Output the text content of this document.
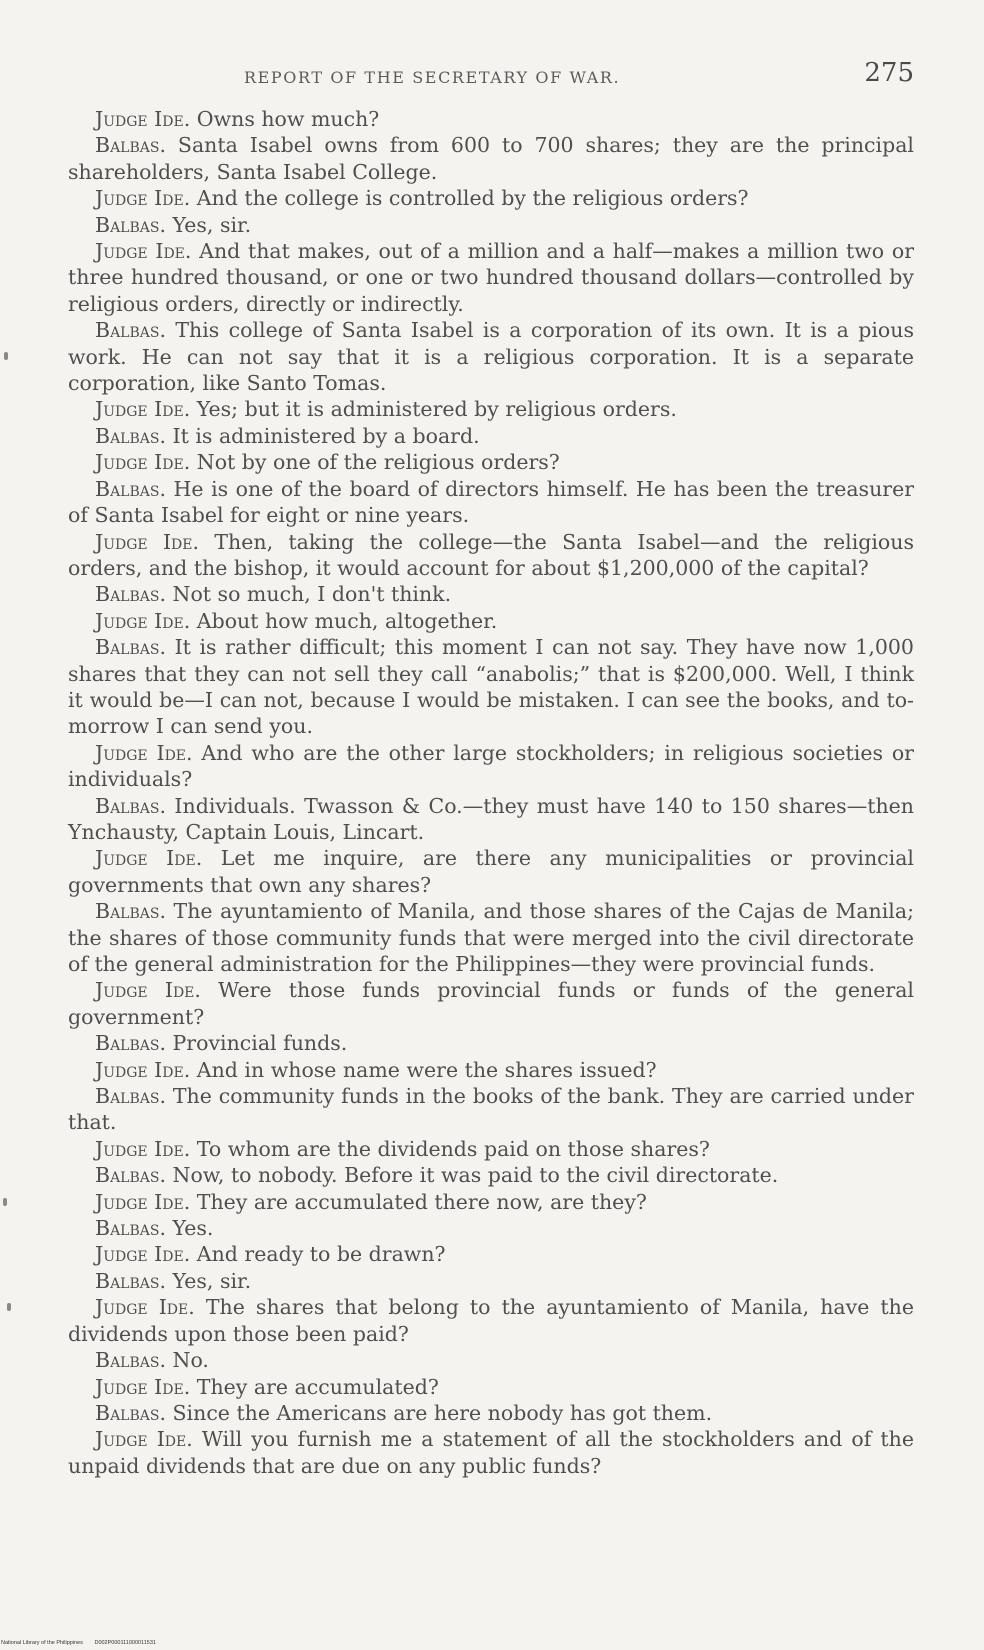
REPORT OF THE SECRETARY OF WAR.	275

Judge Ide. Owns how much?

Balbas. Santa Isabel owns from 600 to 700 shares; they are the principal shareholders, Santa Isabel College.

Judge Ide. And the college is controlled by the religious orders?

Balbas. Yes, sir.

Judge Ide. And that makes, out of a million and a half—makes a million two or three hundred thousand, or one or two hundred thousand dollars—controlled by religious orders, directly or indirectly.

Balbas. This college of Santa Isabel is a corporation of its own. It is a pious work. He can not say that it is a religious corporation. It is a separate corporation, like Santo Tomas.

Judge Ide. Yes; but it is administered by religious orders.

Balbas. It is administered by a board.

Judge Ide. Not by one of the religious orders?

Balbas. He is one of the board of directors himself. He has been the treasurer of Santa Isabel for eight or nine years.

Judge Ide. Then, taking the college—the Santa Isabel—and the religious orders, and the bishop, it would account for about $1,200,000 of the capital?

Balbas. Not so much, I don't think.

Judge Ide. About how much, altogether.

Balbas. It is rather difficult; this moment I can not say. They have now 1,000 shares that they can not sell they call “anabolis;” that is $200,000. Well, I think it would be—I can not, because I would be mistaken. I can see the books, and to-morrow I can send you.

Judge Ide. And who are the other large stockholders; in religious societies or individuals?

Balbas. Individuals. Twasson & Co.—they must have 140 to 150 shares—then Ynchausty, Captain Louis, Lincart.

Judge Ide. Let me inquire, are there any municipalities or provincial governments that own any shares?

Balbas. The ayuntamiento of Manila, and those shares of the Cajas de Manila; the shares of those community funds that were merged into the civil directorate of the general administration for the Philippines—they were provincial funds.

Judge Ide. Were those funds provincial funds or funds of the general government?

Balbas. Provincial funds.

Judge Ide. And in whose name were the shares issued?

Balbas. The community funds in the books of the bank. They are carried under that.

Judge Ide. To whom are the dividends paid on those shares?

Balbas. Now, to nobody. Before it was paid to the civil directorate.

Judge Ide. They are accumulated there now, are they?

Balbas. Yes.

Judge Ide. And ready to be drawn?

Balbas. Yes, sir.

Judge Ide. The shares that belong to the ayuntamiento of Manila, have the dividends upon those been paid?

Balbas. No.

Judge Ide. They are accumulated?

Balbas. Since the Americans are here nobody has got them.

Judge Ide. Will you furnish me a statement of all the stockholders and of the unpaid dividends that are due on any public funds?

National Library of the Philippines D002P000111000011531
